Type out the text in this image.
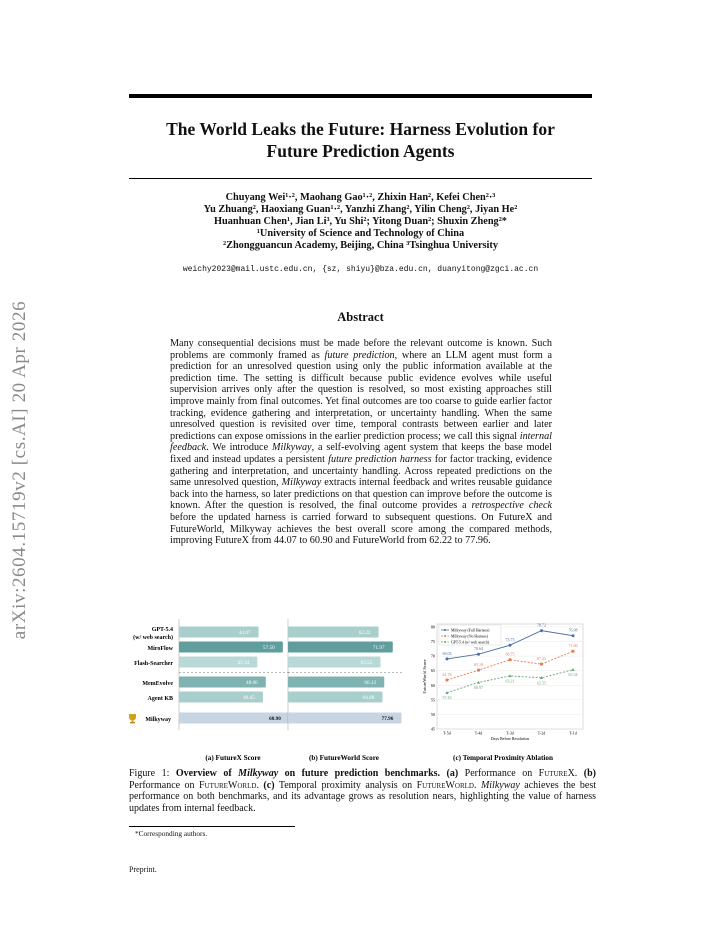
arXiv:2604.15719v2 [cs.AI] 20 Apr 2026
The World Leaks the Future: Harness Evolution for
Future Prediction Agents
Chuyang Wei¹·², Maohang Gao¹·², Zhixin Han², Kefei Chen²·³
Yu Zhuang², Haoxiang Guan¹·², Yanzhi Zhang², Yilin Cheng², Jiyan He²
Huanhuan Chen¹, Jian Li³, Yu Shi²; Yitong Duan²; Shuxin Zheng²*
¹University of Science and Technology of China
²Zhongguancun Academy, Beijing, China ³Tsinghua University
weichy2023@mail.ustc.edu.cn, {sz, shiyu}@bza.edu.cn, duanyitong@zgci.ac.cn
Abstract

Many consequential decisions must be made before the relevant outcome is known. Such problems are commonly framed as future prediction, where an LLM agent must form a prediction for an unresolved question using only the public information available at the prediction time. The setting is difficult because public evidence evolves while useful supervision arrives only after the question is resolved, so most existing approaches still improve mainly from final outcomes. Yet final outcomes are too coarse to guide earlier factor tracking, evidence gathering and interpretation, or uncertainty handling. When the same unresolved question is revisited over time, temporal contrasts between earlier and later predictions can expose omissions in the earlier prediction process; we call this signal internal feedback. We introduce Milkyway, a self-evolving agent system that keeps the base model fixed and instead updates a persistent future prediction harness for factor tracking, evidence gathering and interpretation, and uncertainty handling. Across repeated predictions on the same unresolved question, Milkyway extracts internal feedback and writes reusable guidance back into the harness, so later predictions on that question can improve before the outcome is known. After the question is resolved, the final outcome provides a retrospective check before the updated harness is carried forward to subsequent questions. On FutureX and FutureWorld, Milkyway achieves the best overall score among the compared methods, improving FutureX from 44.07 to 60.90 and FutureWorld from 62.22 to 77.96.

GPT-5.4
(w/ web search)
MiroFlow
Flash-Searcher
MemEvolve
Agent KB
Milkyway
44.07
57.50
43.34
48.06
46.45
60.90
62.22
71.97
63.52
66.12
64.88
77.96
45
50
55
60
65
70
75
80
T-5d	T-4d	T-3d	T-2d	T-1d
Days Before Resolution
FutureWorld Score
69.03
70.64
73.73
78.72
76.98
61.78
65.18
68.75
67.23
71.66
57.43
60.97
63.21	62.55
65.34
Milkyway (Full Harness)
Milkyway (No Harness)
GPT-5.4 (w/ web search)
(a) FutureX Score	(b) FutureWorld Score	(c) Temporal Proximity Ablation
Figure 1: Overview of Milkyway on future prediction benchmarks. (a) Performance on FutureX. (b) Performance on FutureWorld. (c) Temporal proximity analysis on FutureWorld. Milkyway achieves the best performance on both benchmarks, and its advantage grows as resolution nears, highlighting the value of harness updates from internal feedback.
*Corresponding authors.
Preprint.
